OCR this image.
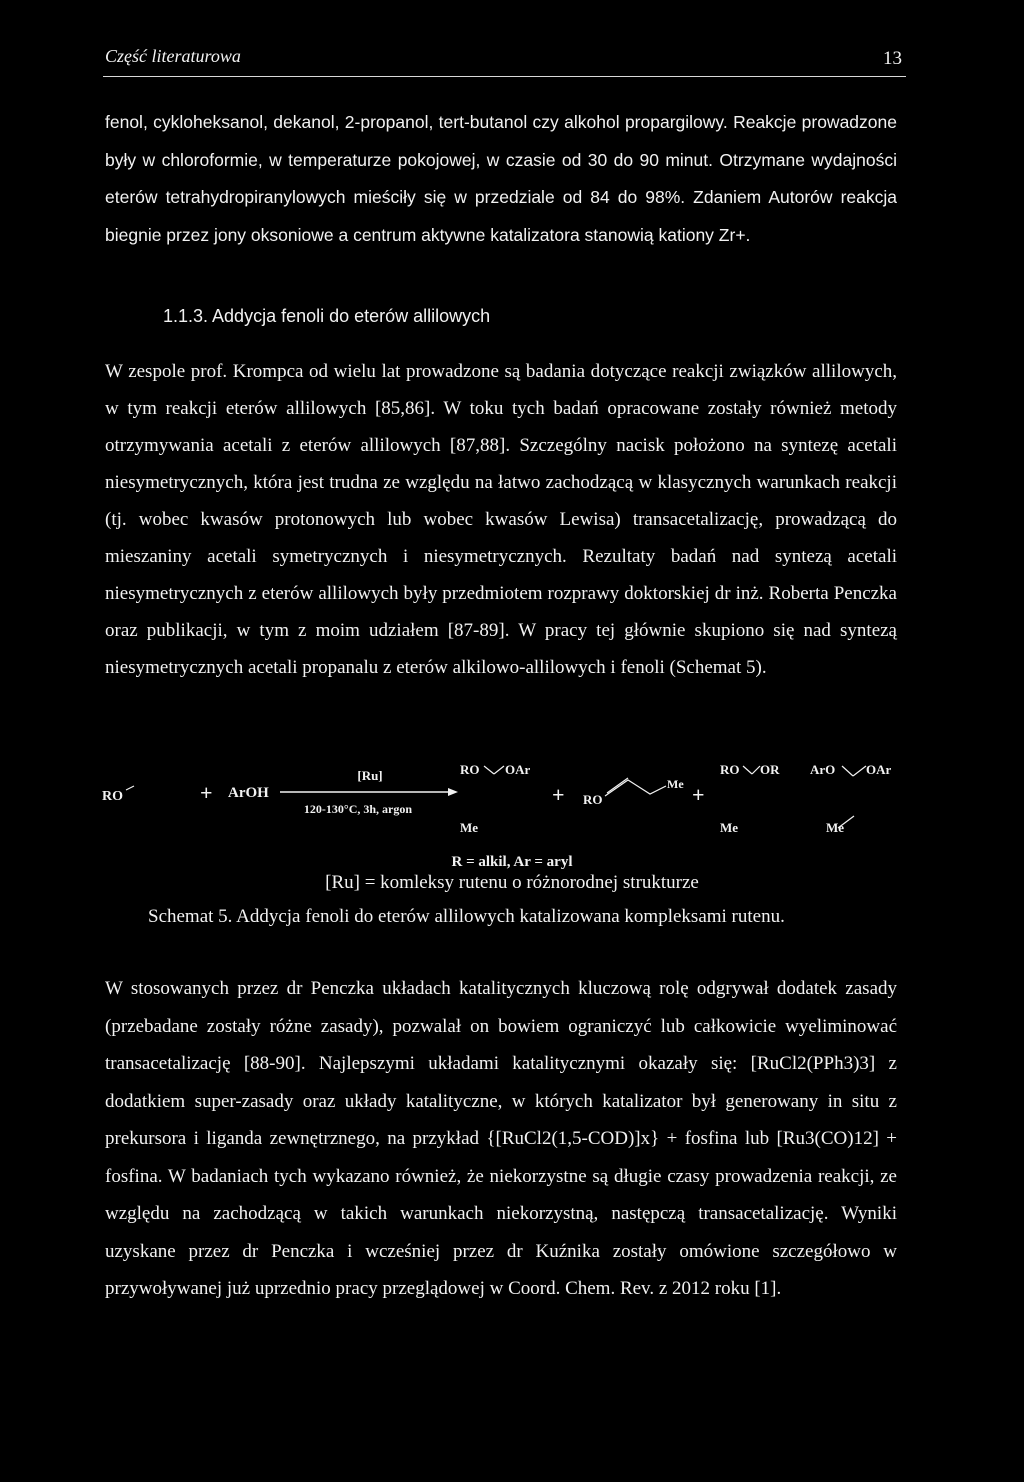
Część literaturowa	13
fenol, cykloheksanol, dekanol, 2-propanol, tert-butanol czy alkohol propargilowy. Reakcje prowadzone były w chloroformie, w temperaturze pokojowej, w czasie od 30 do 90 minut. Otrzymane wydajności eterów tetrahydropiranylowych mieściły się w przedziale od 84 do 98%. Zdaniem Autorów reakcja biegnie przez jony oksoniowe a centrum aktywne katalizatora stanowią kationy Zr+.
1.1.3. Addycja fenoli do eterów allilowych
W zespole prof. Krompca od wielu lat prowadzone są badania dotyczące reakcji związków allilowych, w tym reakcji eterów allilowych [85,86]. W toku tych badań opracowane zostały również metody otrzymywania acetali z eterów allilowych [87,88]. Szczególny nacisk położono na syntezę acetali niesymetrycznych, która jest trudna ze względu na łatwo zachodzącą w klasycznych warunkach reakcji (tj. wobec kwasów protonowych lub wobec kwasów Lewisa) transacetalizację, prowadzącą do mieszaniny acetali symetrycznych i niesymetrycznych. Rezultaty badań nad syntezą acetali niesymetrycznych z eterów allilowych były przedmiotem rozprawy doktorskiej dr inż. Roberta Penczka oraz publikacji, w tym z moim udziałem [87-89]. W pracy tej głównie skupiono się nad syntezą niesymetrycznych acetali propanalu z eterów alkilowo-allilowych i fenoli (Schemat 5).
RO	+ ArOH
[Ru]
120-130°C, 3h, argon
RO OAr
Me
+ RO
Me +
RO OR
Me
ArO OAr
Me
R = alkil, Ar = aryl
[Ru] = komleksy rutenu o różnorodnej strukturze
Schemat 5. Addycja fenoli do eterów allilowych katalizowana kompleksami rutenu.
W stosowanych przez dr Penczka układach katalitycznych kluczową rolę odgrywał dodatek zasady (przebadane zostały różne zasady), pozwalał on bowiem ograniczyć lub całkowicie wyeliminować transacetalizację [88-90]. Najlepszymi układami katalitycznymi okazały się: [RuCl2(PPh3)3] z dodatkiem super-zasady oraz układy katalityczne, w których katalizator był generowany in situ z prekursora i liganda zewnętrznego, na przykład {[RuCl2(1,5-COD)]x} + fosfina lub [Ru3(CO)12] + fosfina. W badaniach tych wykazano również, że niekorzystne są długie czasy prowadzenia reakcji, ze względu na zachodzącą w takich warunkach niekorzystną, następczą transacetalizację. Wyniki uzyskane przez dr Penczka i wcześniej przez dr Kuźnika zostały omówione szczegółowo w przywoływanej już uprzednio pracy przeglądowej w Coord. Chem. Rev. z 2012 roku [1].
